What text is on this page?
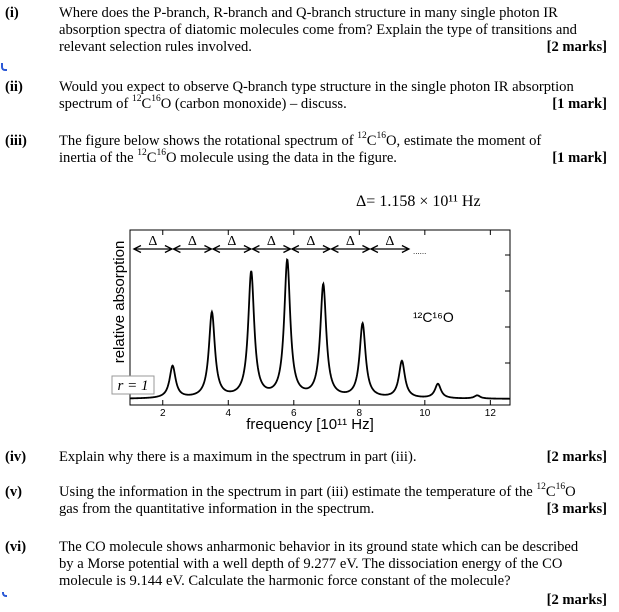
(i)	Where does the P-branch, R-branch and Q-branch structure in many single photon IR
absorption spectra of diatomic molecules come from? Explain the type of transitions and
relevant selection rules involved.	[2 marks]
(ii) Would you expect to observe Q-branch type structure in the single photon IR absorption
spectrum of $^{12}C^{16}O$ (carbon monoxide) – discuss.	[1 mark]
(iii) The figure below shows the rotational spectrum of $^{12}C^{16}O$, estimate the moment of
inertia of the $^{12}C^{16}O$ molecule using the data in the figure.	[1 mark]
Δ= 1.158 × 10¹¹ Hz
Δ Δ Δ Δ Δ Δ Δ
2	4	6	8	10	12
relative absorption
frequency [10¹¹ Hz]
¹²C¹⁶O
r = 1
......
(iv) Explain why there is a maximum in the spectrum in part (iii).	[2 marks]
(v)	Using the information in the spectrum in part (iii) estimate the temperature of the $^{12}C^{16}O$
gas from the quantitative information in the spectrum.	[3 marks]
(vi) The CO molecule shows anharmonic behavior in its ground state which can be described
by a Morse potential with a well depth of 9.277 eV. The dissociation energy of the CO
molecule is 9.144 eV. Calculate the harmonic force constant of the molecule?
[2 marks]
